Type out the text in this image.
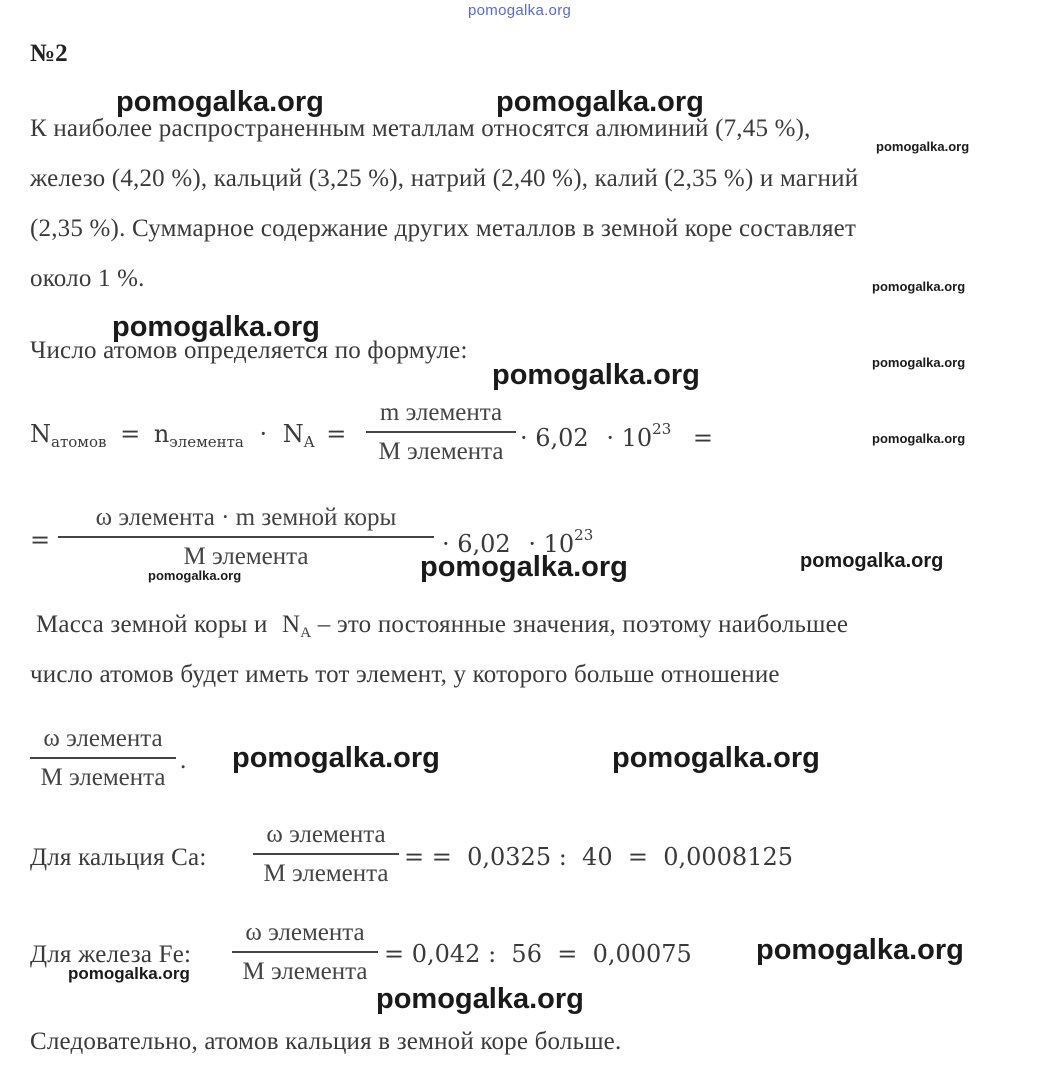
pomogalka.org
№2
К наиболее распространенным металлам относятся алюминий (7,45 %),
железо (4,20 %), кальций (3,25 %), натрий (2,40 %), калий (2,35 %) и магний
(2,35 %). Суммарное содержание других металлов в земной коре составляет
около 1 %.
Число атомов определяется по формуле:
$N_{атомов} = n_{элемента} \cdot N_A$ =
m элемента
M элемента · $6,02 \cdot 10^{23}$ =
=
ω элемента · m земной коры
M элемента	· $6,02 \cdot 10^{23}$
Масса земной коры и $N_A$ – это постоянные значения, поэтому наибольшее
число атомов будет иметь тот элемент, у которого больше отношение
ω элемента
M элемента
.
Для кальция Ca:
ω элемента
M элемента
= =  0,0325 :  40  =  0,0008125
Для железа Fe:
ω элемента
M элемента
= 0,042 :  56  =  0,00075
Следовательно, атомов кальция в земной коре больше.
pomogalka.org	pomogalka.org
pomogalka.org
pomogalka.org
pomogalka.org
pomogalka.org
pomogalka.org
pomogalka.org
pomogalka.org
pomogalka.org
pomogalka.org
pomogalka.org	pomogalka.org
pomogalka.org
pomogalka.org
pomogalka.org
